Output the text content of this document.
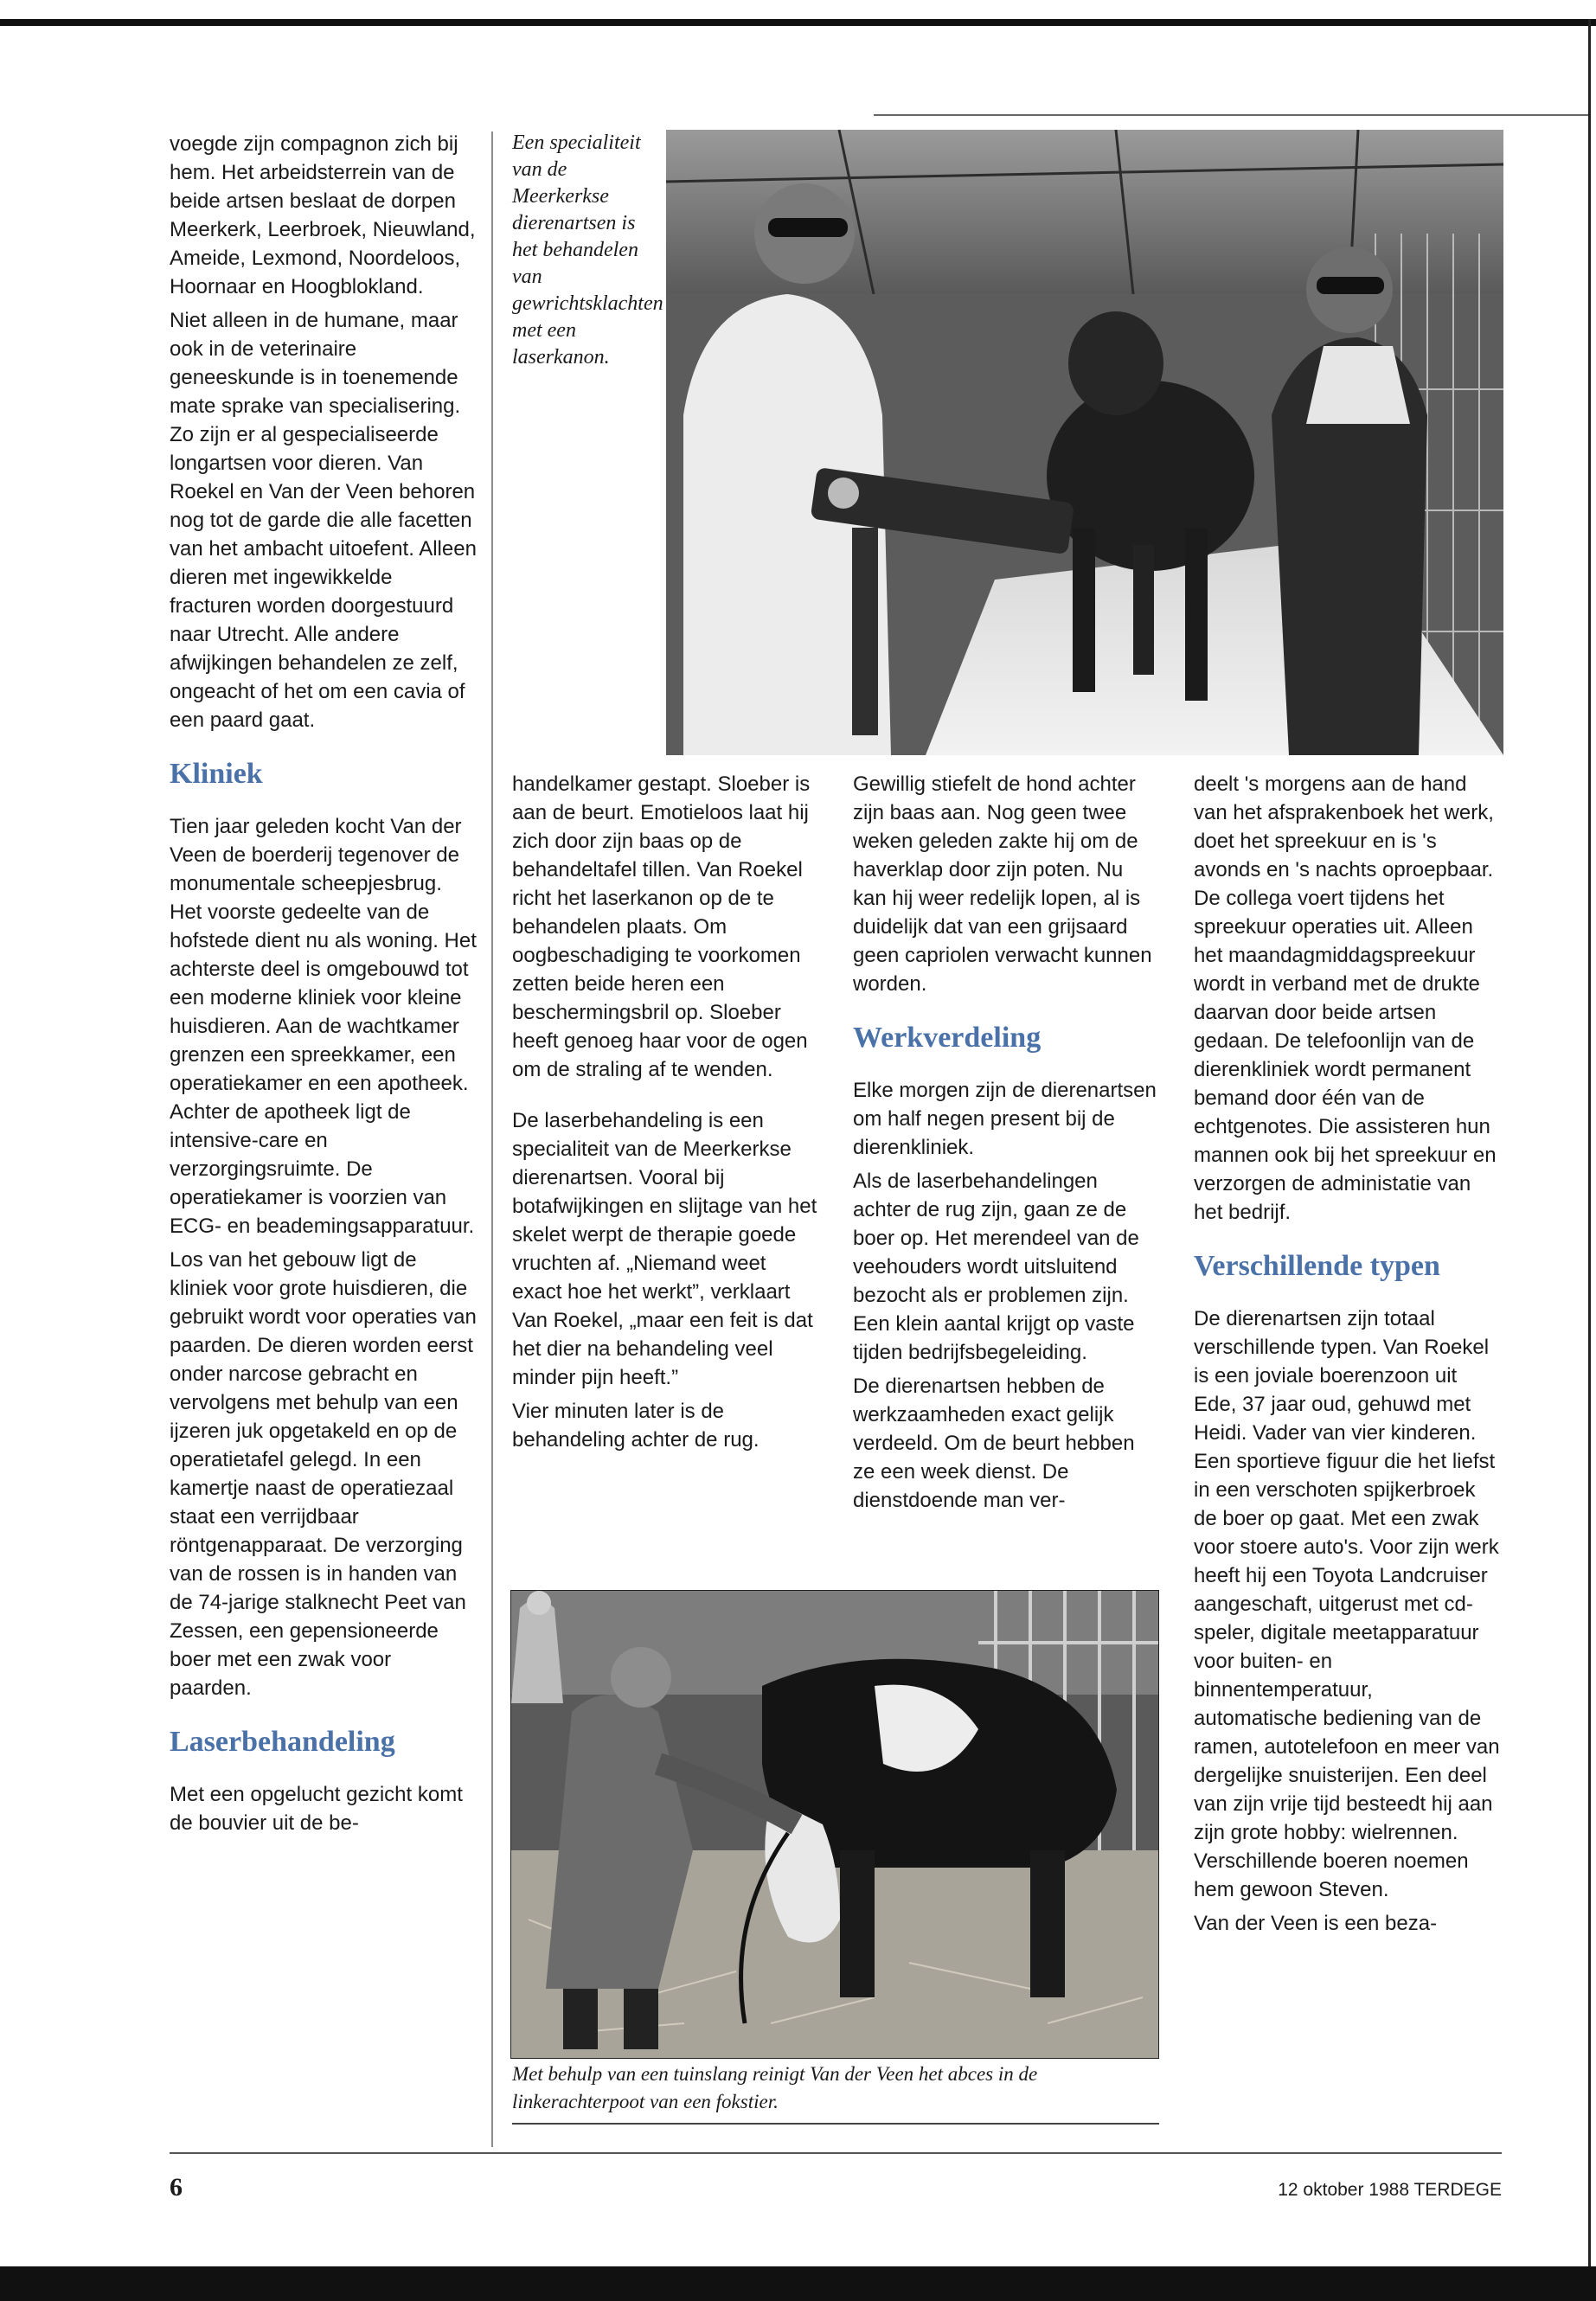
voegde zijn compagnon zich bij hem. Het arbeidsterrein van de beide artsen beslaat de dorpen Meerkerk, Leerbroek, Nieuwland, Ameide, Lexmond, Noordeloos, Hoornaar en Hoogblokland.

Niet alleen in de humane, maar ook in de veterinaire geneeskunde is in toenemende mate sprake van specialisering. Zo zijn er al gespecialiseerde longartsen voor dieren. Van Roekel en Van der Veen behoren nog tot de garde die alle facetten van het ambacht uitoefent. Alleen dieren met ingewikkelde fracturen worden doorgestuurd naar Utrecht. Alle andere afwijkingen behandelen ze zelf, ongeacht of het om een cavia of een paard gaat.

Kliniek

Tien jaar geleden kocht Van der Veen de boerderij tegenover de monumentale scheepjesbrug. Het voorste gedeelte van de hofstede dient nu als woning. Het achterste deel is omgebouwd tot een moderne kliniek voor kleine huisdieren. Aan de wachtkamer grenzen een spreekkamer, een operatiekamer en een apotheek. Achter de apotheek ligt de intensive-care en verzorgingsruimte. De operatiekamer is voorzien van ECG- en beademingsapparatuur.

Los van het gebouw ligt de kliniek voor grote huisdieren, die gebruikt wordt voor operaties van paarden. De dieren worden eerst onder narcose gebracht en vervolgens met behulp van een ijzeren juk opgetakeld en op de operatietafel gelegd. In een kamertje naast de operatiezaal staat een verrijdbaar röntgenapparaat. De verzorging van de rossen is in handen van de 74-jarige stalknecht Peet van Zessen, een gepensioneerde boer met een zwak voor paarden.

Laserbehandeling

Met een opgelucht gezicht komt de bouvier uit de be-

Een specialiteit van de Meerkerkse dierenartsen is het behandelen van gewrichtsklachten met een laserkanon.

handelkamer gestapt. Sloeber is aan de beurt. Emotieloos laat hij zich door zijn baas op de behandeltafel tillen. Van Roekel richt het laserkanon op de te behandelen plaats. Om oogbeschadiging te voorkomen zetten beide heren een beschermingsbril op. Sloeber heeft genoeg haar voor de ogen om de straling af te wenden.

De laserbehandeling is een specialiteit van de Meerkerkse dierenartsen. Vooral bij botafwijkingen en slijtage van het skelet werpt de therapie goede vruchten af. „Niemand weet exact hoe het werkt”, verklaart Van Roekel, „maar een feit is dat het dier na behandeling veel minder pijn heeft.”

Vier minuten later is de behandeling achter de rug.

Gewillig stiefelt de hond achter zijn baas aan. Nog geen twee weken geleden zakte hij om de haverklap door zijn poten. Nu kan hij weer redelijk lopen, al is duidelijk dat van een grijsaard geen capriolen verwacht kunnen worden.

Werkverdeling

Elke morgen zijn de dierenartsen om half negen present bij de dierenkliniek.

Als de laserbehandelingen achter de rug zijn, gaan ze de boer op. Het merendeel van de veehouders wordt uitsluitend bezocht als er problemen zijn. Een klein aantal krijgt op vaste tijden bedrijfsbegeleiding.

De dierenartsen hebben de werkzaamheden exact gelijk verdeeld. Om de beurt hebben ze een week dienst. De dienstdoende man ver-

deelt 's morgens aan de hand van het afsprakenboek het werk, doet het spreekuur en is 's avonds en 's nachts oproepbaar. De collega voert tijdens het spreekuur operaties uit. Alleen het maandagmiddagspreekuur wordt in verband met de drukte daarvan door beide artsen gedaan. De telefoonlijn van de dierenkliniek wordt permanent bemand door één van de echtgenotes. Die assisteren hun mannen ook bij het spreekuur en verzorgen de administatie van het bedrijf.

Verschillende typen

De dierenartsen zijn totaal verschillende typen. Van Roekel is een joviale boerenzoon uit Ede, 37 jaar oud, gehuwd met Heidi. Vader van vier kinderen. Een sportieve figuur die het liefst in een verschoten spijkerbroek de boer op gaat. Met een zwak voor stoere auto's. Voor zijn werk heeft hij een Toyota Landcruiser aangeschaft, uitgerust met cd-speler, digitale meetapparatuur voor buiten- en binnentemperatuur, automatische bediening van de ramen, autotelefoon en meer van dergelijke snuisterijen. Een deel van zijn vrije tijd besteedt hij aan zijn grote hobby: wielrennen. Verschillende boeren noemen hem gewoon Steven.

Van der Veen is een beza-

Met behulp van een tuinslang reinigt Van der Veen het abces in de linkerachterpoot van een fokstier.

6	12 oktober 1988 TERDEGE
